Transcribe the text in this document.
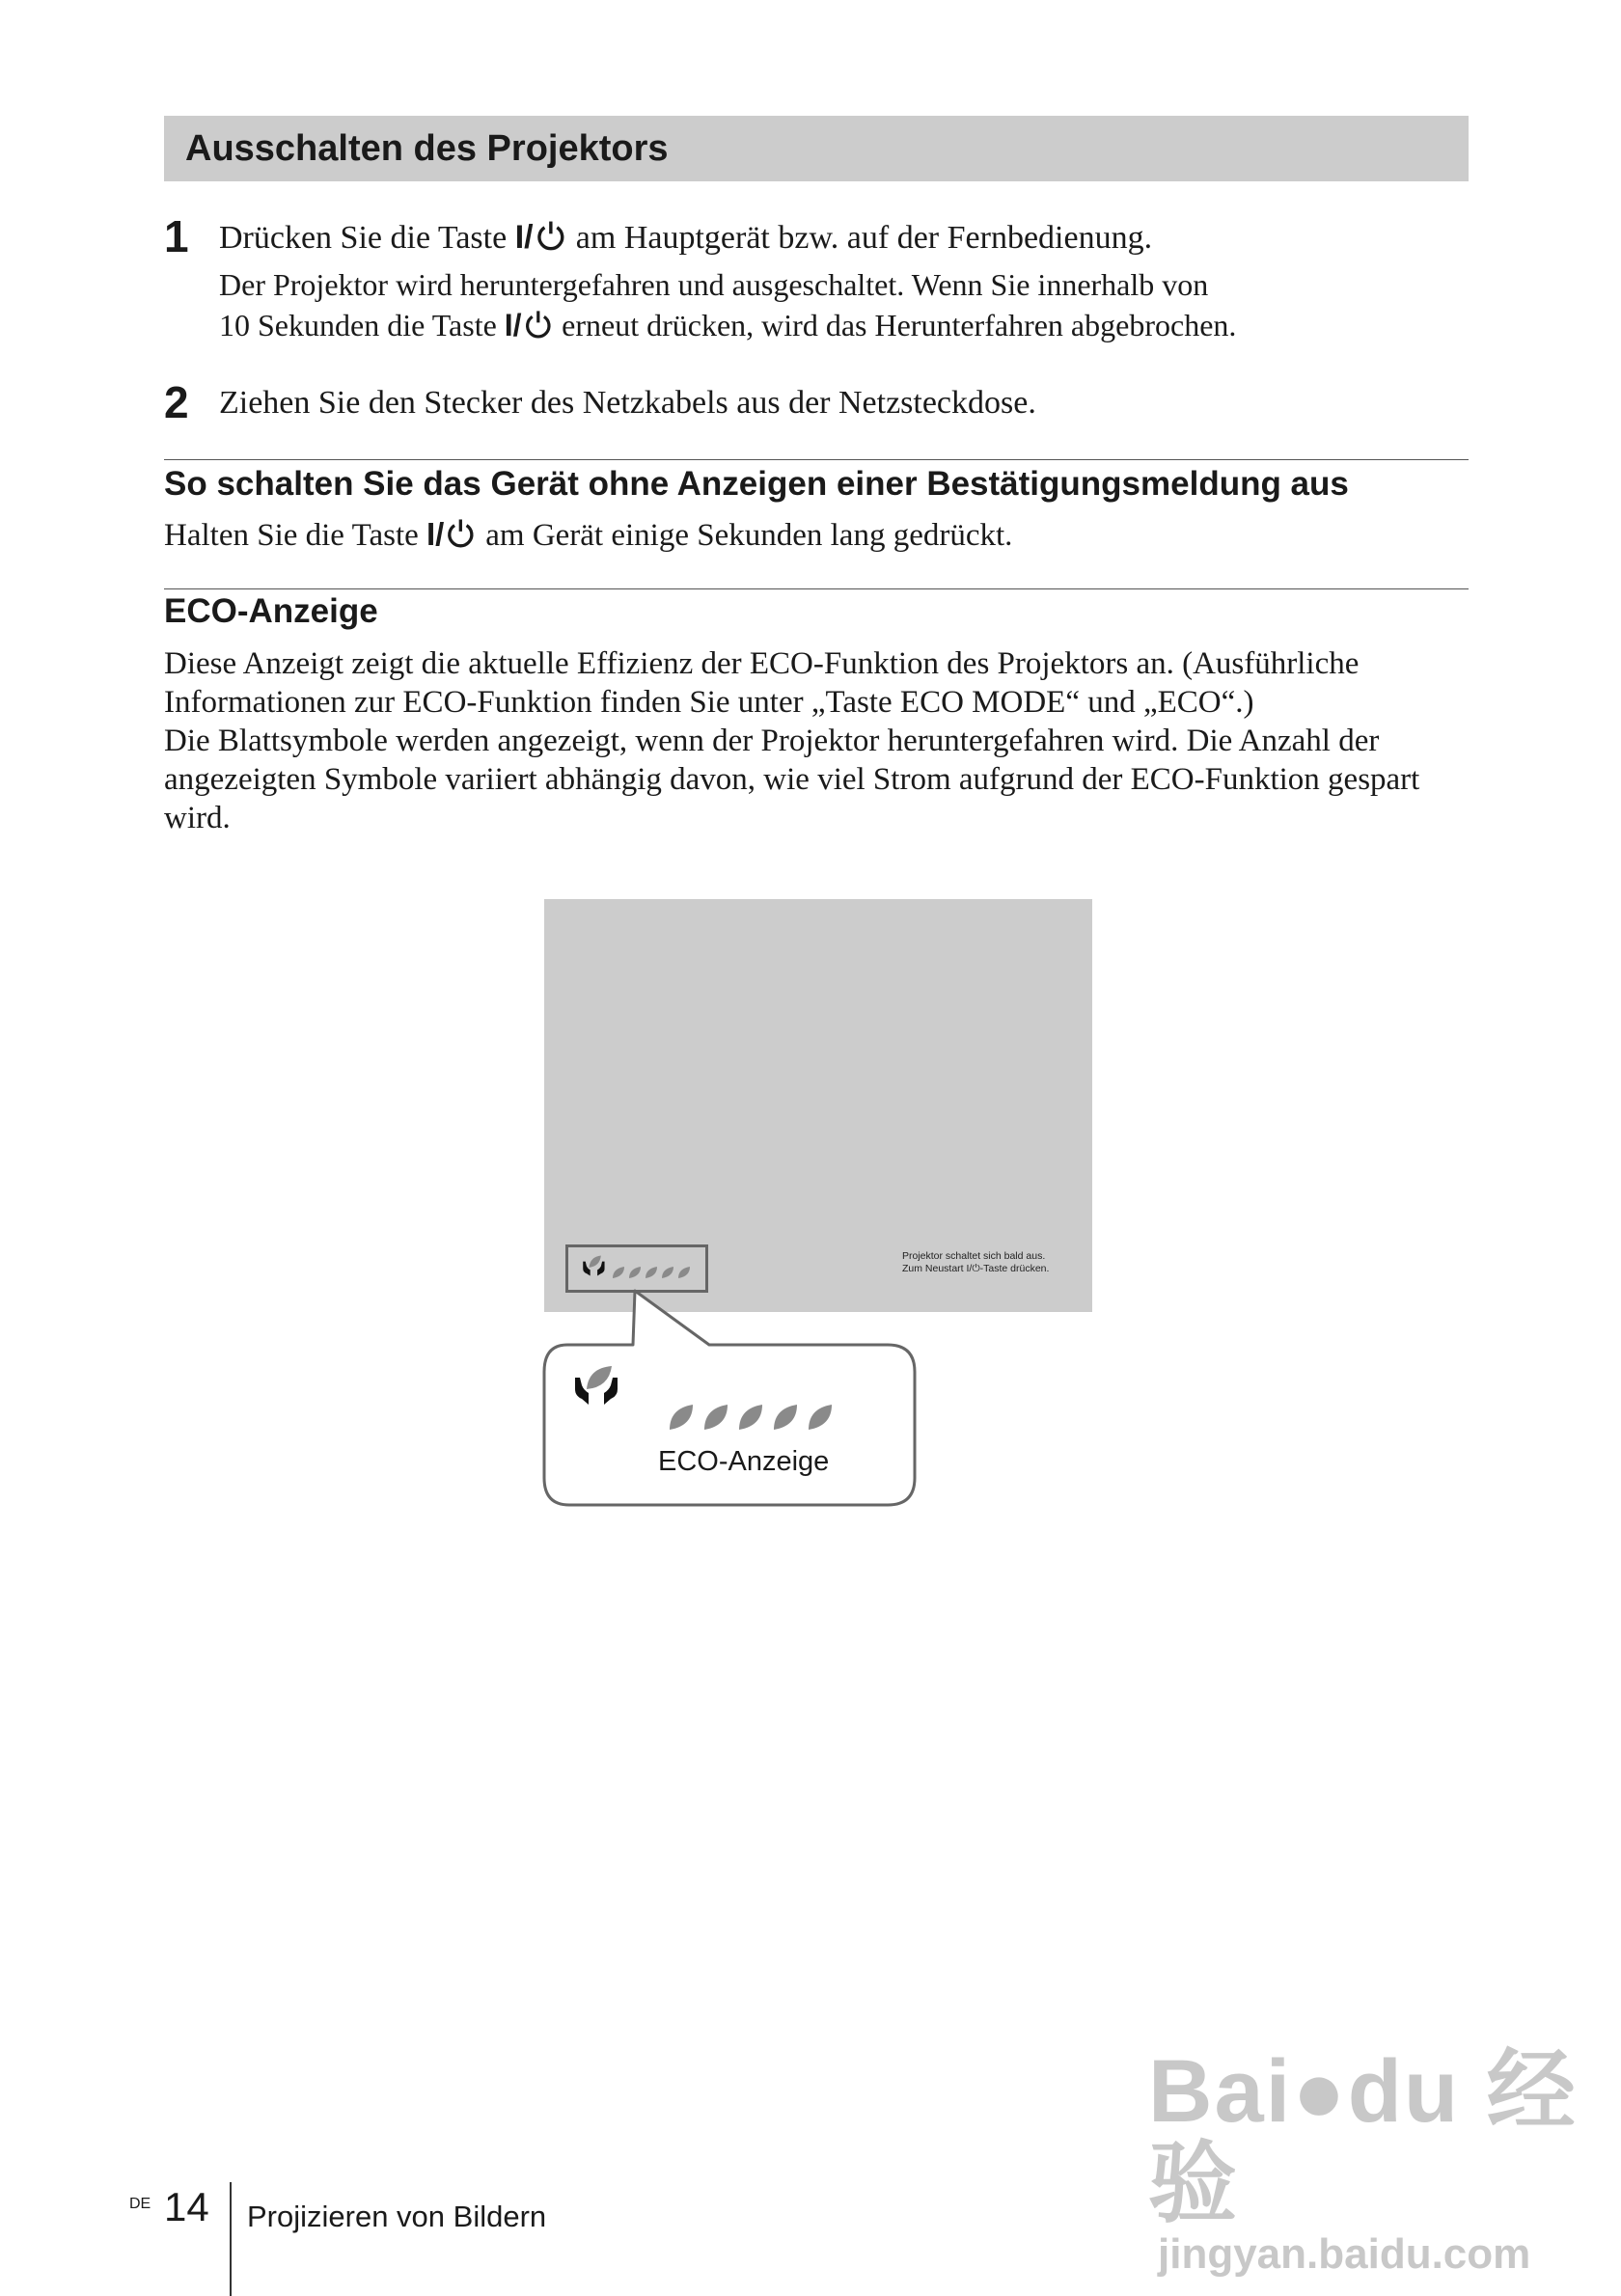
Ausschalten des Projektors
1 Drücken Sie die Taste I/ am Hauptgerät bzw. auf der Fernbedienung.
Der Projektor wird heruntergefahren und ausgeschaltet. Wenn Sie innerhalb von
10 Sekunden die Taste I/ erneut drücken, wird das Herunterfahren abgebrochen.
2 Ziehen Sie den Stecker des Netzkabels aus der Netzsteckdose.
So schalten Sie das Gerät ohne Anzeigen einer Bestätigungsmeldung aus

Halten Sie die Taste I/ am Gerät einige Sekunden lang gedrückt.

ECO-Anzeige

Diese Anzeigt zeigt die aktuelle Effizienz der ECO-Funktion des Projektors an. (Ausführliche Informationen zur ECO-Funktion finden Sie unter „Taste ECO MODE“ und „ECO“.)

Die Blattsymbole werden angezeigt, wenn der Projektor heruntergefahren wird. Die Anzahl der angezeigten Symbole variiert abhängig davon, wie viel Strom aufgrund der ECO-Funktion gespart wird.

Projektor schaltet sich bald aus.
Zum Neustart I/⏻-Taste drücken.
ECO-Anzeige
Bai●du 经验
jingyan.baidu.com
DE 14 Projizieren von Bildern
